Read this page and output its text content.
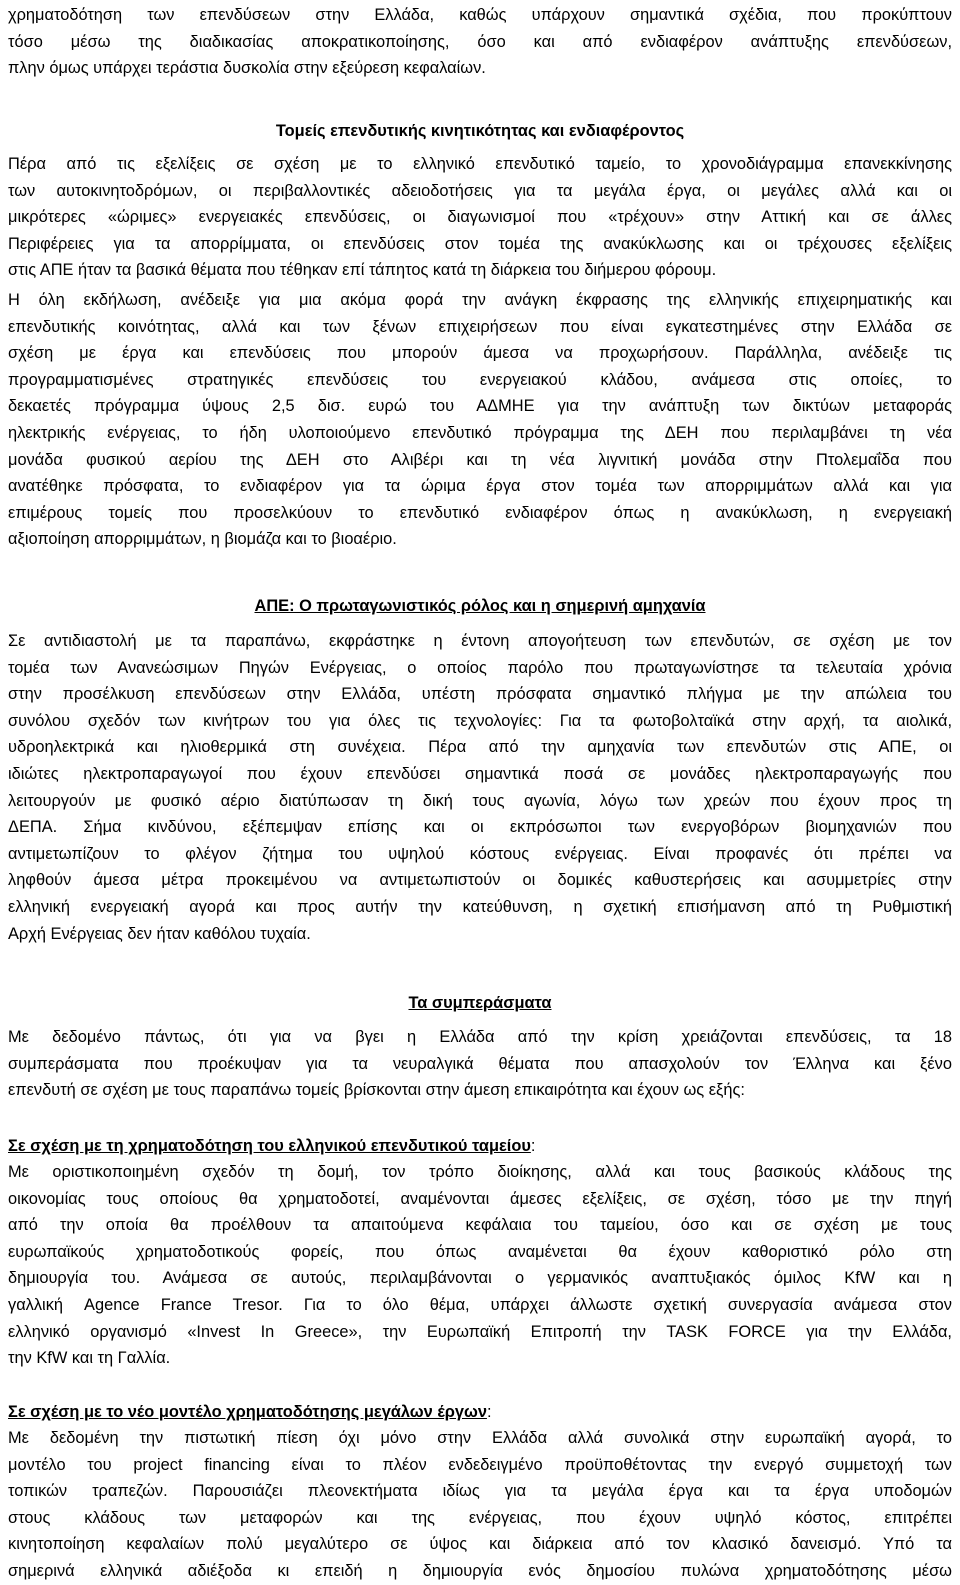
χρηματοδότηση των επενδύσεων στην Ελλάδα, καθώς υπάρχουν σημαντικά σχέδια, που προκύπτουν
τόσο μέσω της διαδικασίας αποκρατικοποίησης, όσο και από ενδιαφέρον ανάπτυξης επενδύσεων,
πλην όμως υπάρχει τεράστια δυσκολία στην εξεύρεση κεφαλαίων.
Τομείς επενδυτικής κινητικότητας και ενδιαφέροντος
Πέρα από τις εξελίξεις σε σχέση με το ελληνικό επενδυτικό ταμείο, το χρονοδιάγραμμα επανεκκίνησης
των αυτοκινητοδρόμων, οι περιβαλλοντικές αδειοδοτήσεις για τα μεγάλα έργα, οι μεγάλες αλλά και οι
μικρότερες «ώριμες» ενεργειακές επενδύσεις, οι διαγωνισμοί που «τρέχουν» στην Αττική και σε άλλες
Περιφέρειες για τα απορρίμματα, οι επενδύσεις στον τομέα της ανακύκλωσης και οι τρέχουσες εξελίξεις
στις ΑΠΕ ήταν τα βασικά θέματα που τέθηκαν επί τάπητος κατά τη διάρκεια του διήμερου φόρουμ.
Η όλη εκδήλωση, ανέδειξε για μια ακόμα φορά την ανάγκη έκφρασης της ελληνικής επιχειρηματικής και
επενδυτικής κοινότητας, αλλά και των ξένων επιχειρήσεων που είναι εγκατεστημένες στην Ελλάδα σε
σχέση με έργα και επενδύσεις που μπορούν άμεσα να προχωρήσουν. Παράλληλα, ανέδειξε τις
προγραμματισμένες στρατηγικές επενδύσεις του ενεργειακού κλάδου, ανάμεσα στις οποίες, το
δεκαετές πρόγραμμα ύψους 2,5 δισ. ευρώ του ΑΔΜΗΕ για την ανάπτυξη των δικτύων μεταφοράς
ηλεκτρικής ενέργειας, το ήδη υλοποιούμενο επενδυτικό πρόγραμμα της ΔΕΗ που περιλαμβάνει τη νέα
μονάδα φυσικού αερίου της ΔΕΗ στο Αλιβέρι και τη νέα λιγνιτική μονάδα στην Πτολεμαΐδα που
ανατέθηκε πρόσφατα, το ενδιαφέρον για τα ώριμα έργα στον τομέα των απορριμμάτων αλλά και για
επιμέρους τομείς που προσελκύουν το επενδυτικό ενδιαφέρον όπως η ανακύκλωση, η ενεργειακή
αξιοποίηση απορριμμάτων, η βιομάζα και το βιοαέριο.
ΑΠΕ: Ο πρωταγωνιστικός ρόλος και η σημερινή αμηχανία
Σε αντιδιαστολή με τα παραπάνω, εκφράστηκε η έντονη απογοήτευση των επενδυτών, σε σχέση με τον
τομέα των Ανανεώσιμων Πηγών Ενέργειας, ο οποίος παρόλο που πρωταγωνίστησε τα τελευταία χρόνια
στην προσέλκυση επενδύσεων στην Ελλάδα, υπέστη πρόσφατα σημαντικό πλήγμα με την απώλεια του
συνόλου σχεδόν των κινήτρων του για όλες τις τεχνολογίες: Για τα φωτοβολταϊκά στην αρχή, τα αιολικά,
υδροηλεκτρικά και ηλιοθερμικά στη συνέχεια. Πέρα από την αμηχανία των επενδυτών στις ΑΠΕ, οι
ιδιώτες ηλεκτροπαραγωγοί που έχουν επενδύσει σημαντικά ποσά σε μονάδες ηλεκτροπαραγωγής που
λειτουργούν με φυσικό αέριο διατύπωσαν τη δική τους αγωνία, λόγω των χρεών που έχουν προς τη
ΔΕΠΑ. Σήμα κινδύνου, εξέπεμψαν επίσης και οι εκπρόσωποι των ενεργοβόρων βιομηχανιών που
αντιμετωπίζουν το φλέγον ζήτημα του υψηλού κόστους ενέργειας. Είναι προφανές ότι πρέπει να
ληφθούν άμεσα μέτρα προκειμένου να αντιμετωπιστούν οι δομικές καθυστερήσεις και ασυμμετρίες στην
ελληνική ενεργειακή αγορά και προς αυτήν την κατεύθυνση, η σχετική επισήμανση από τη Ρυθμιστική
Αρχή Ενέργειας δεν ήταν καθόλου τυχαία.
Τα συμπεράσματα
Με δεδομένο πάντως, ότι για να βγει η Ελλάδα από την κρίση χρειάζονται επενδύσεις, τα 18
συμπεράσματα που προέκυψαν για τα νευραλγικά θέματα που απασχολούν τον Έλληνα και ξένο
επενδυτή σε σχέση με τους παραπάνω τομείς βρίσκονται στην άμεση επικαιρότητα και έχουν ως εξής:
Σε σχέση με τη χρηματοδότηση του ελληνικού επενδυτικού ταμείου:
Με οριστικοποιημένη σχεδόν τη δομή, τον τρόπο διοίκησης, αλλά και τους βασικούς κλάδους της
οικονομίας τους οποίους θα χρηματοδοτεί, αναμένονται άμεσες εξελίξεις, σε σχέση, τόσο με την πηγή
από την οποία θα προέλθουν τα απαιτούμενα κεφάλαια του ταμείου, όσο και σε σχέση με τους
ευρωπαϊκούς χρηματοδοτικούς φορείς, που όπως αναμένεται θα έχουν καθοριστικό ρόλο στη
δημιουργία του. Ανάμεσα σε αυτούς, περιλαμβάνονται ο γερμανικός αναπτυξιακός όμιλος KfW και η
γαλλική Agence France Tresor. Για το όλο θέμα, υπάρχει άλλωστε σχετική συνεργασία ανάμεσα στον
ελληνικό οργανισμό «Invest In Greece», την Ευρωπαϊκή Επιτροπή την TASK FORCE για την Ελλάδα,
την KfW και τη Γαλλία.
Σε σχέση με το νέο μοντέλο χρηματοδότησης μεγάλων έργων:
Με δεδομένη την πιστωτική πίεση όχι μόνο στην Ελλάδα αλλά συνολικά στην ευρωπαϊκή αγορά, το
μοντέλο του project financing είναι το πλέον ενδεδειγμένο προϋποθέτοντας την ενεργό συμμετοχή των
τοπικών τραπεζών. Παρουσιάζει πλεονεκτήματα ιδίως για τα μεγάλα έργα και τα έργα υποδομών
στους κλάδους των μεταφορών και της ενέργειας, που έχουν υψηλό κόστος, επιτρέπει
κινητοποίηση κεφαλαίων πολύ μεγαλύτερο σε ύψος και διάρκεια από τον κλασικό δανεισμό. Υπό τα
σημερινά ελληνικά αδιέξοδα κι επειδή η δημιουργία ενός δημοσίου πυλώνα χρηματοδότησης μέσω
